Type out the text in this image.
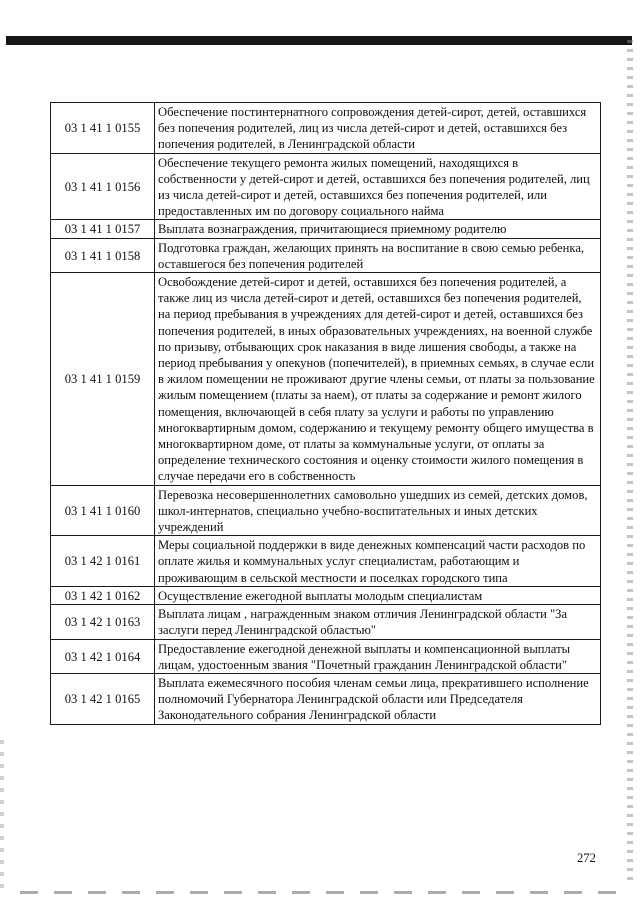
03 1 41 1 0155	Обеспечение постинтернатного сопровождения детей-сирот, детей, оставшихся без попечения родителей, лиц из числа детей-сирот и детей, оставшихся без попечения родителей, в Ленинградской области
03 1 41 1 0156	Обеспечение текущего ремонта жилых помещений, находящихся в собственности у детей-сирот и детей, оставшихся без попечения родителей, лиц из числа детей-сирот и детей, оставшихся без попечения родителей, или предоставленных им по договору социального найма
03 1 41 1 0157	Выплата вознаграждения, причитающиеся приемному родителю
03 1 41 1 0158	Подготовка граждан, желающих принять на воспитание в свою семью ребенка, оставшегося без попечения родителей
03 1 41 1 0159	Освобождение детей-сирот и детей, оставшихся без попечения родителей, а также лиц из числа детей-сирот и детей, оставшихся без попечения родителей, на период пребывания в учреждениях для детей-сирот и детей, оставшихся без попечения родителей, в иных образовательных учреждениях, на военной службе по призыву, отбывающих срок наказания в виде лишения свободы, а также на период пребывания у опекунов (попечителей), в приемных семьях, в случае если в жилом помещении не проживают другие члены семьи, от платы за пользование жилым помещением (платы за наем), от платы за содержание и ремонт жилого помещения, включающей в себя плату за услуги и работы по управлению многоквартирным домом, содержанию и текущему ремонту общего имущества в многоквартирном доме, от платы за коммунальные услуги, от оплаты за определение технического состояния и оценку стоимости жилого помещения в случае передачи его в собственность
03 1 41 1 0160	Перевозка несовершеннолетних самовольно ушедших из семей, детских домов, школ-интернатов, специально учебно-воспитательных и иных детских учреждений
03 1 42 1 0161	Меры социальной поддержки в виде денежных компенсаций части расходов по оплате жилья и коммунальных услуг специалистам, работающим и проживающим в сельской местности и поселках городского типа
03 1 42 1 0162	Осуществление ежегодной выплаты молодым специалистам
03 1 42 1 0163	Выплата лицам , награжденным знаком отличия Ленинградской области "За заслуги перед Ленинградской областью"
03 1 42 1 0164	Предоставление ежегодной денежной выплаты и компенсационной выплаты лицам, удостоенным звания "Почетный гражданин Ленинградской области"
03 1 42 1 0165	Выплата ежемесячного пособия членам семьи лица, прекратившего исполнение полномочий Губернатора Ленинградской области или Председателя Законодательного собрания Ленинградской области
272
